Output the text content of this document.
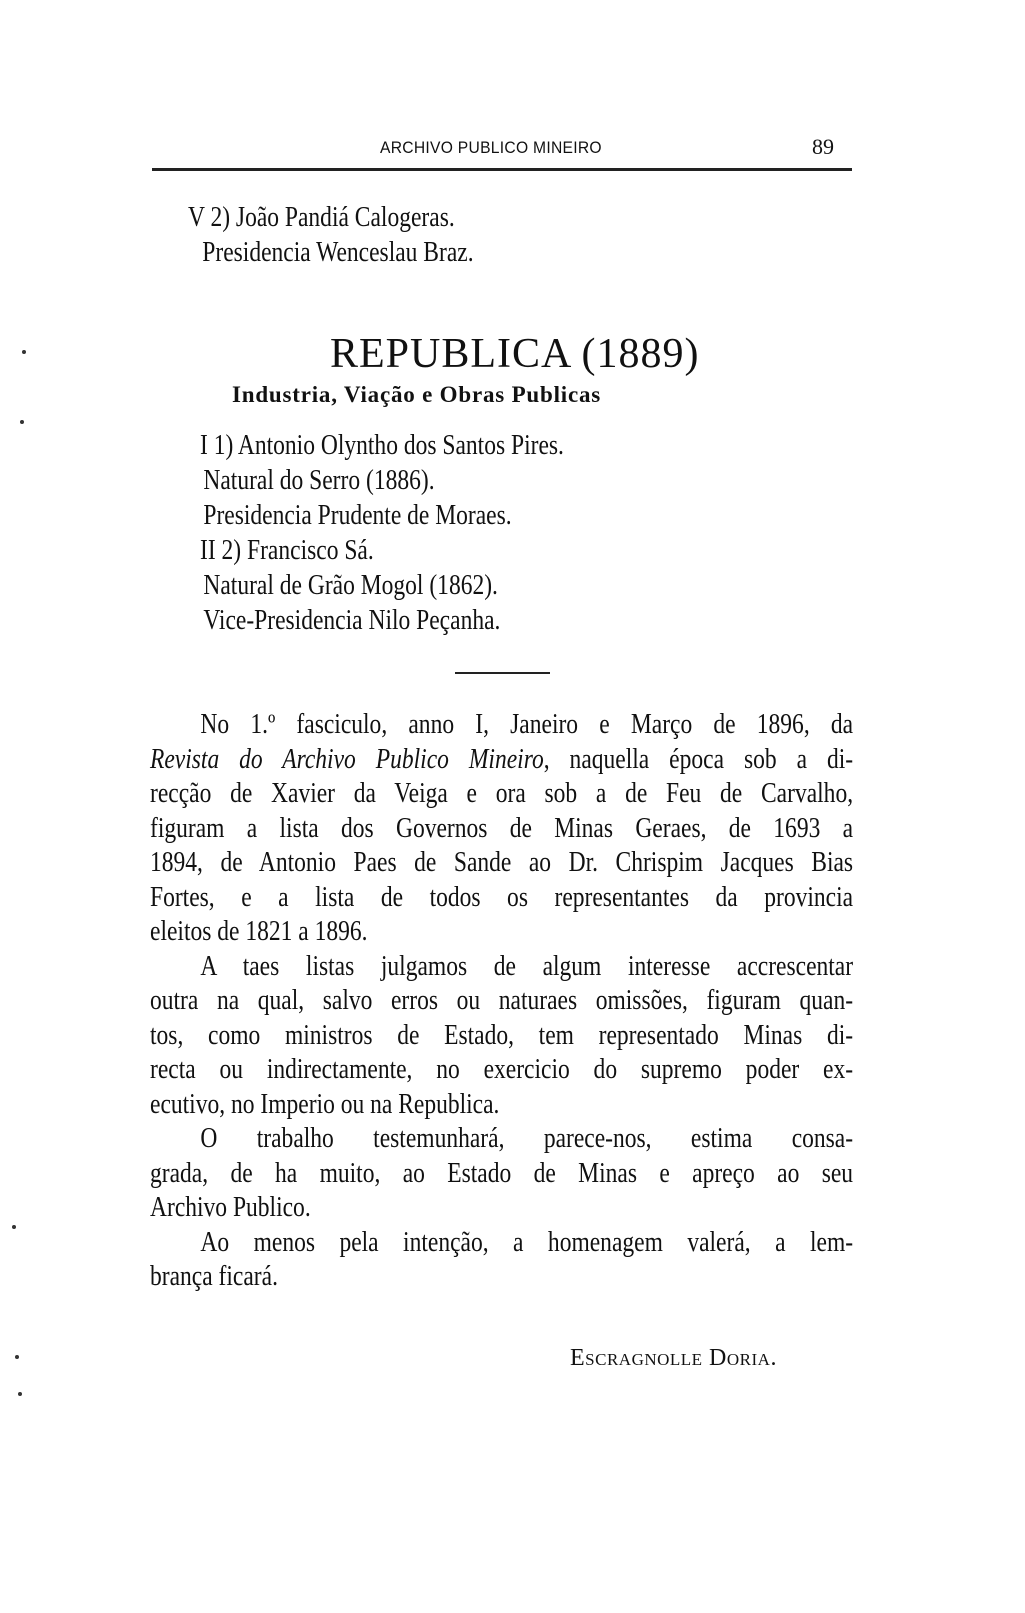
ARCHIVO PUBLICO MINEIRO	89
V 2) João Pandiá Calogeras.
Presidencia Wenceslau Braz.
REPUBLICA (1889)
Industria, Viação e Obras Publicas
I 1) Antonio Olyntho dos Santos Pires.
Natural do Serro (1886).
Presidencia Prudente de Moraes.
II 2) Francisco Sá.
Natural de Grão Mogol (1862).
Vice-Presidencia Nilo Peçanha.
No 1.º fasciculo, anno I, Janeiro e Março de 1896, da
Revista do Archivo Publico Mineiro, naquella época sob a di-
recção de Xavier da Veiga e ora sob a de Feu de Carvalho,
figuram a lista dos Governos de Minas Geraes, de 1693 a
1894, de Antonio Paes de Sande ao Dr. Chrispim Jacques Bias
Fortes, e a lista de todos os representantes da provincia
eleitos de 1821 a 1896.
A taes listas julgamos de algum interesse accrescentar
outra na qual, salvo erros ou naturaes omissões, figuram quan-
tos, como ministros de Estado, tem representado Minas di-
recta ou indirectamente, no exercicio do supremo poder ex-
ecutivo, no Imperio ou na Republica.
O trabalho testemunhará, parece-nos, estima consa-
grada, de ha muito, ao Estado de Minas e apreço ao seu
Archivo Publico.
Ao menos pela intenção, a homenagem valerá, a lem-
brança ficará.
Escragnolle Doria.
